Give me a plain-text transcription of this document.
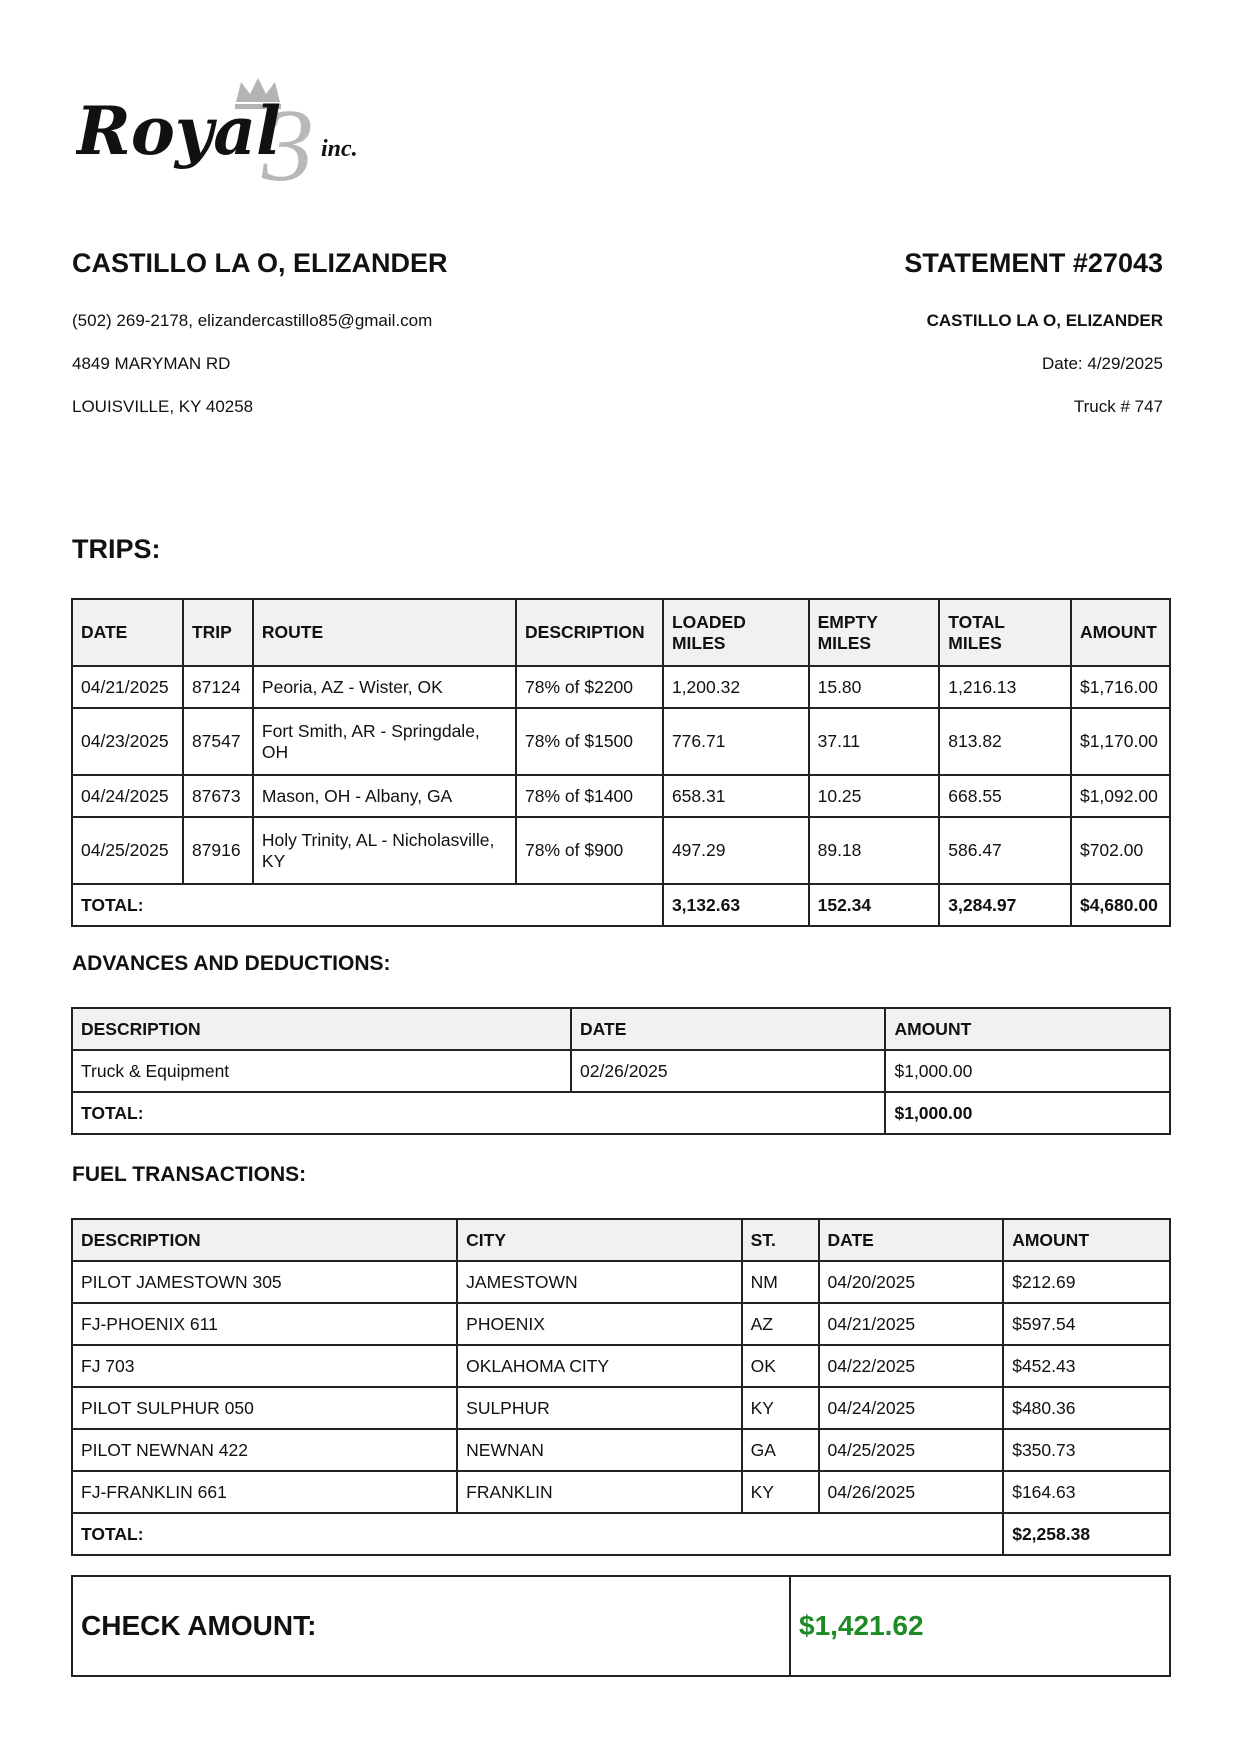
3
Royal inc.
CASTILLO LA O, ELIZANDER
(502) 269-2178, elizandercastillo85@gmail.com
4849 MARYMAN RD
LOUISVILLE, KY 40258
STATEMENT #27043
CASTILLO LA O, ELIZANDER
Date: 4/29/2025
Truck # 747
TRIPS:
DATE	TRIP	ROUTE	DESCRIPTION	LOADED MILES	EMPTY MILES	TOTAL MILES	AMOUNT
04/21/2025	87124	Peoria, AZ - Wister, OK	78% of $2200	1,200.32	15.80	1,216.13	$1,716.00
04/23/2025	87547	Fort Smith, AR - Springdale, OH	78% of $1500	776.71	37.11	813.82	$1,170.00
04/24/2025	87673	Mason, OH - Albany, GA	78% of $1400	658.31	10.25	668.55	$1,092.00
04/25/2025	87916	Holy Trinity, AL - Nicholasville, KY	78% of $900	497.29	89.18	586.47	$702.00
TOTAL:				3,132.63	152.34	3,284.97	$4,680.00
ADVANCES AND DEDUCTIONS:
DESCRIPTION	DATE	AMOUNT
Truck & Equipment	02/26/2025	$1,000.00
TOTAL:		$1,000.00
FUEL TRANSACTIONS:
DESCRIPTION	CITY	ST.	DATE	AMOUNT
PILOT JAMESTOWN 305	JAMESTOWN	NM	04/20/2025	$212.69
FJ-PHOENIX 611	PHOENIX	AZ	04/21/2025	$597.54
FJ 703	OKLAHOMA CITY	OK	04/22/2025	$452.43
PILOT SULPHUR 050	SULPHUR	KY	04/24/2025	$480.36
PILOT NEWNAN 422	NEWNAN	GA	04/25/2025	$350.73
FJ-FRANKLIN 661	FRANKLIN	KY	04/26/2025	$164.63
TOTAL:				$2,258.38
CHECK AMOUNT:	$1,421.62
